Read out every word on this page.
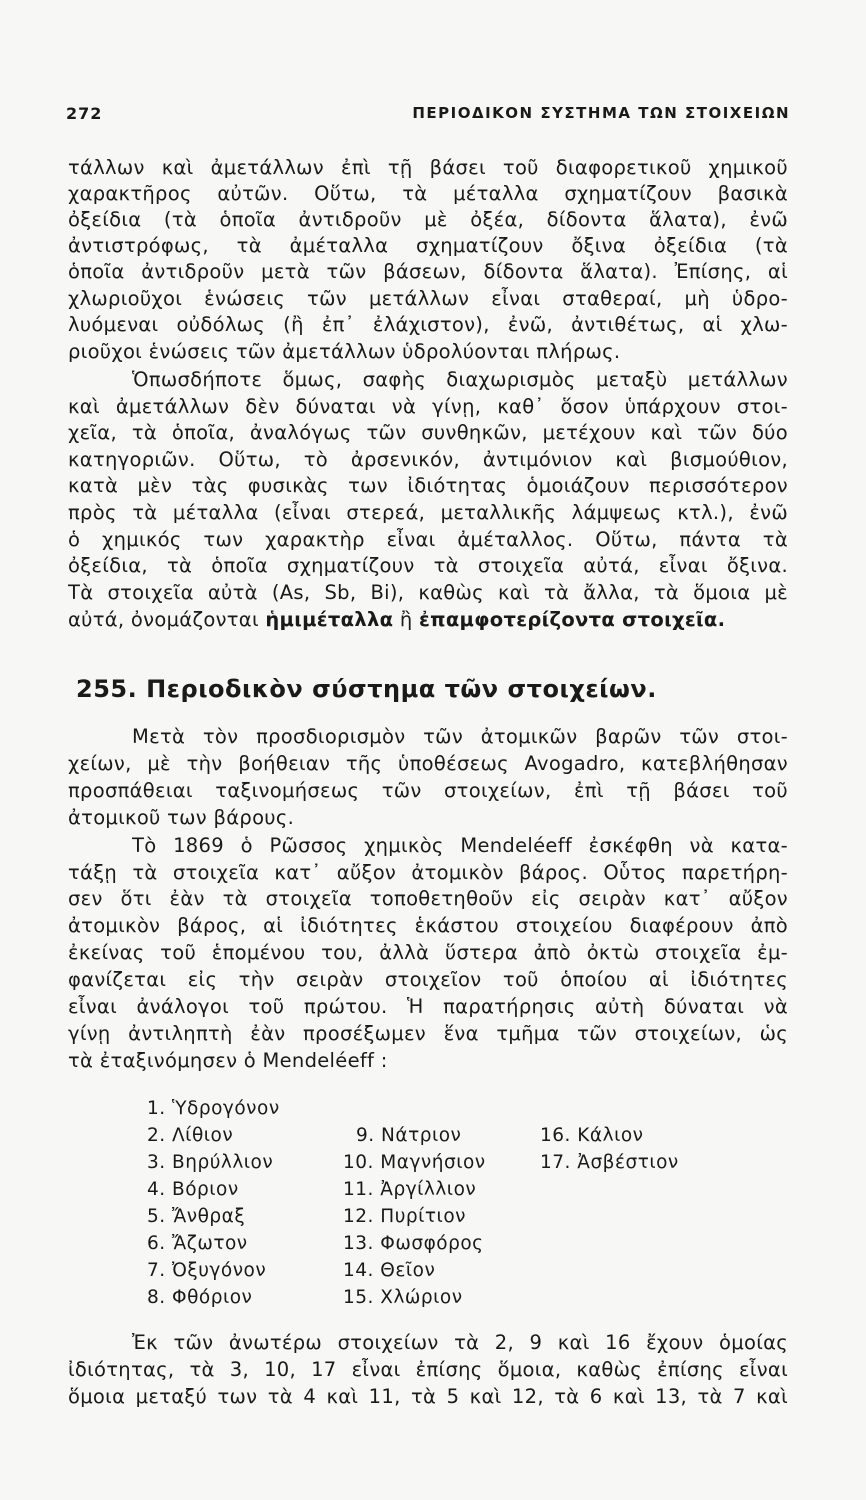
272	ΠΕΡΙΟΔΙΚΟΝ ΣΥΣΤΗΜΑ ΤΩΝ ΣΤΟΙΧΕΙΩΝ
τάλλων καὶ ἀμετάλλων ἐπὶ τῇ βάσει τοῦ διαφορετικοῦ χημικοῦ
χαρακτῆρος αὐτῶν. Οὕτω, τὰ μέταλλα σχηματίζουν βασικὰ
ὀξείδια (τὰ ὁποῖα ἀντιδροῦν μὲ ὀξέα, δίδοντα ἅλατα), ἐνῶ
ἀντιστρόφως, τὰ ἀμέταλλα σχηματίζουν ὄξινα ὀξείδια (τὰ
ὁποῖα ἀντιδροῦν μετὰ τῶν βάσεων, δίδοντα ἅλατα). Ἐπίσης, αἱ
χλωριοῦχοι ἑνώσεις τῶν μετάλλων εἶναι σταθεραί, μὴ ὑδρο-
λυόμεναι οὐδόλως (ἢ ἐπ᾽ ἐλάχιστον), ἐνῶ, ἀντιθέτως, αἱ χλω-
ριοῦχοι ἑνώσεις τῶν ἀμετάλλων ὑδρολύονται πλήρως.
Ὁπωσδήποτε ὅμως, σαφὴς διαχωρισμὸς μεταξὺ μετάλλων
καὶ ἀμετάλλων δὲν δύναται νὰ γίνῃ, καθ᾽ ὅσον ὑπάρχουν στοι-
χεῖα, τὰ ὁποῖα, ἀναλόγως τῶν συνθηκῶν, μετέχουν καὶ τῶν δύο
κατηγοριῶν. Οὕτω, τὸ ἀρσενικόν, ἀντιμόνιον καὶ βισμούθιον,
κατὰ μὲν τὰς φυσικὰς των ἰδιότητας ὁμοιάζουν περισσότερον
πρὸς τὰ μέταλλα (εἶναι στερεά, μεταλλικῆς λάμψεως κτλ.), ἐνῶ
ὁ χημικός των χαρακτὴρ εἶναι ἀμέταλλος. Οὕτω, πάντα τὰ
ὀξείδια, τὰ ὁποῖα σχηματίζουν τὰ στοιχεῖα αὐτά, εἶναι ὄξινα.
Τὰ στοιχεῖα αὐτὰ (As, Sb, Bi), καθὼς καὶ τὰ ἄλλα, τὰ ὅμοια μὲ
αὐτά, ὀνομάζονται ἡμιμέταλλα ἢ ἐπαμφοτερίζοντα στοιχεῖα.
255. Περιοδικὸν σύστημα τῶν στοιχείων.
Μετὰ τὸν προσδιορισμὸν τῶν ἀτομικῶν βαρῶν τῶν στοι-
χείων, μὲ τὴν βοήθειαν τῆς ὑποθέσεως Avogadro, κατεβλήθησαν
προσπάθειαι ταξινομήσεως τῶν στοιχείων, ἐπὶ τῇ βάσει τοῦ
ἀτομικοῦ των βάρους.
Τὸ 1869 ὁ Ρῶσσος χημικὸς Mendeléeff ἐσκέφθη νὰ κατα-
τάξῃ τὰ στοιχεῖα κατ᾽ αὔξον ἀτομικὸν βάρος. Οὗτος παρετήρη-
σεν ὅτι ἐὰν τὰ στοιχεῖα τοποθετηθοῦν εἰς σειρὰν κατ᾽ αὔξον
ἀτομικὸν βάρος, αἱ ἰδιότητες ἑκάστου στοιχείου διαφέρουν ἀπὸ
ἐκείνας τοῦ ἑπομένου του, ἀλλὰ ὕστερα ἀπὸ ὀκτὼ στοιχεῖα ἐμ-
φανίζεται εἰς τὴν σειρὰν στοιχεῖον τοῦ ὁποίου αἱ ἰδιότητες
εἶναι ἀνάλογοι τοῦ πρώτου. Ἡ παρατήρησις αὐτὴ δύναται νὰ
γίνῃ ἀντιληπτὴ ἐὰν προσέξωμεν ἕνα τμῆμα τῶν στοιχείων, ὡς
τὰ ἐταξινόμησεν ὁ Mendeléeff :
1. Ὑδρογόνον
2. Λίθιον
3. Βηρύλλιον
4. Βόριον
5. Ἄνθραξ
6. Ἄζωτον
7. Ὀξυγόνον
8. Φθόριον
9. Νάτριον
10. Μαγνήσιον
11. Ἀργίλλιον
12. Πυρίτιον
13. Φωσφόρος
14. Θεῖον
15. Χλώριον
16. Κάλιον
17. Ἀσβέστιον
Ἐκ τῶν ἀνωτέρω στοιχείων τὰ 2, 9 καὶ 16 ἔχουν ὁμοίας
ἰδιότητας, τὰ 3, 10, 17 εἶναι ἐπίσης ὅμοια, καθὼς ἐπίσης εἶναι
ὅμοια μεταξύ των τὰ 4 καὶ 11, τὰ 5 καὶ 12, τὰ 6 καὶ 13, τὰ 7 καὶ
